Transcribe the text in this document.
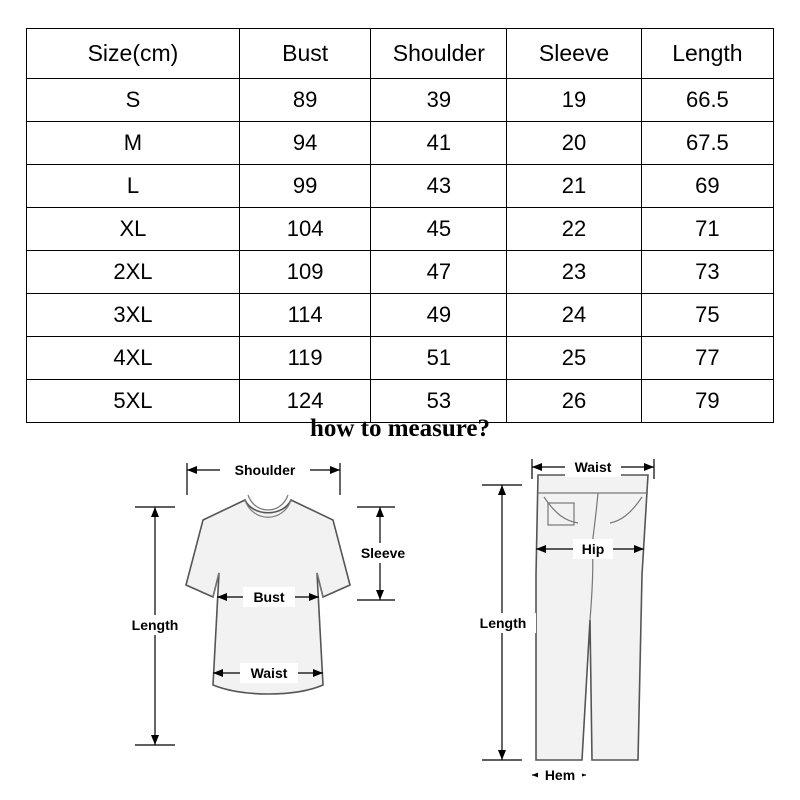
Size(cm)	Bust	Shoulder	Sleeve	Length
S	89	39	19	66.5
M	94	41	20	67.5
L	99	43	21	69
XL	104	45	22	71
2XL	109	47	23	73
3XL	114	49	24	75
4XL	119	51	25	77
5XL	124	53	26	79
how to measure?
Shoulder
Sleeve
Bust
Waist
Length
Waist
Hip
Length
Hem
